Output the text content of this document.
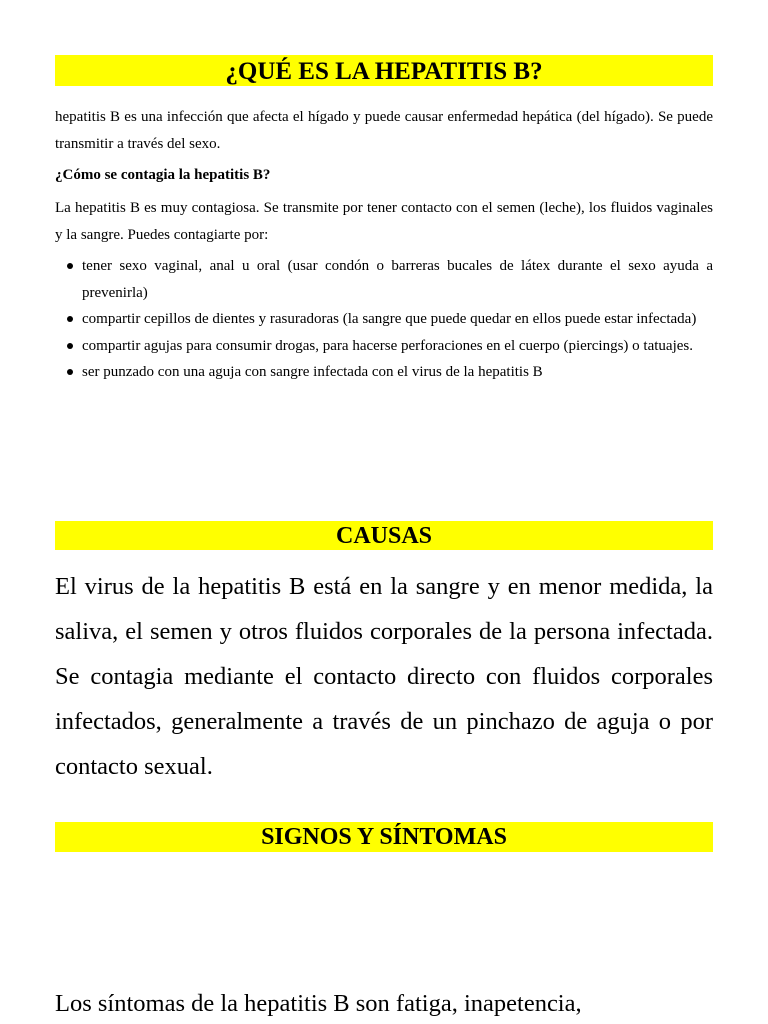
¿QUÉ ES LA HEPATITIS B?

hepatitis B es una infección que afecta el hígado y puede causar enfermedad hepática (del hígado). Se puede transmitir a través del sexo.

¿Cómo se contagia la hepatitis B?

La hepatitis B es muy contagiosa. Se transmite por tener contacto con el semen (leche), los fluidos vaginales y la sangre. Puedes contagiarte por:

tener sexo vaginal, anal u oral (usar condón o barreras bucales de látex durante el sexo ayuda a prevenirla)
compartir cepillos de dientes y rasuradoras (la sangre que puede quedar en ellos puede estar infectada)
compartir agujas para consumir drogas, para hacerse perforaciones en el cuerpo (piercings) o tatuajes.
ser punzado con una aguja con sangre infectada con el virus de la hepatitis B
CAUSAS

El virus de la hepatitis B está en la sangre y en menor medida, la saliva, el semen y otros fluidos corporales de la persona infectada. Se contagia mediante el contacto directo con fluidos corporales infectados, generalmente a través de un pinchazo de aguja o por contacto sexual.

SIGNOS Y SÍNTOMAS

Los síntomas de la hepatitis B son fatiga, inapetencia,
